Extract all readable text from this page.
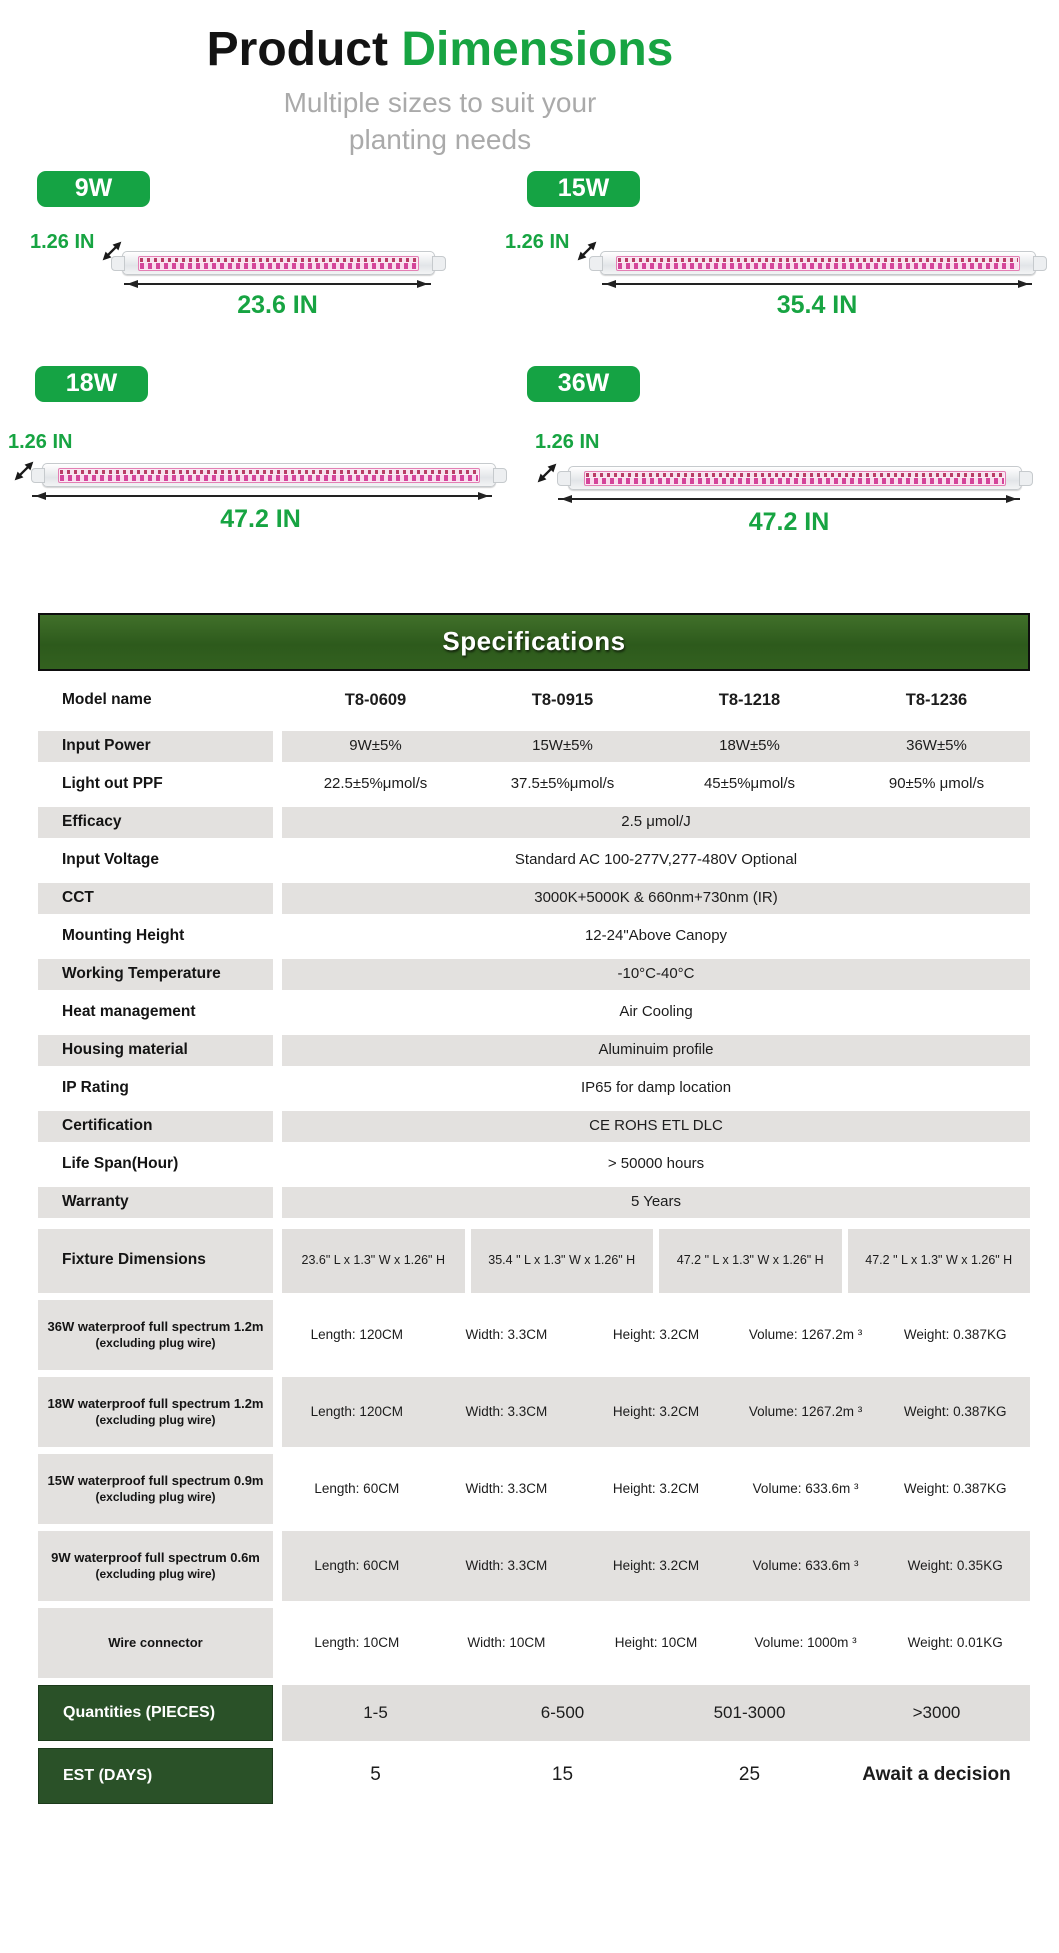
Product Dimensions
Multiple sizes to suit your
planting needs
9W
1.26 IN
23.6 IN
15W
1.26 IN
35.4 IN
18W
1.26 IN
47.2 IN
36W
1.26 IN
47.2 IN
Specifications
Model name	T8-0609	T8-0915	T8-1218	T8-1236
Input Power	9W±5%	15W±5%	18W±5%	36W±5%
Light out PPF	22.5±5%μmol/s	37.5±5%μmol/s	45±5%μmol/s	90±5% μmol/s
Efficacy	2.5 μmol/J
Input Voltage	Standard AC 100-277V,277-480V Optional
CCT	3000K+5000K & 660nm+730nm (IR)
Mounting Height	12-24"Above Canopy
Working Temperature	-10°C-40°C
Heat management	Air Cooling
Housing material	Aluminuim profile
IP Rating	IP65 for damp location
Certification	CE ROHS ETL DLC
Life Span(Hour)	> 50000 hours
Warranty	5 Years
Fixture Dimensions	23.6" L x 1.3" W x 1.26" H	35.4 " L x 1.3" W x 1.26" H	47.2 " L x 1.3" W x 1.26" H	47.2 " L x 1.3" W x 1.26" H
36W waterproof full spectrum 1.2m
(excluding plug wire)
Length: 120CM	Width: 3.3CM	Height: 3.2CM	Volume: 1267.2m ³	Weight: 0.387KG
18W waterproof full spectrum 1.2m
(excluding plug wire)
Length: 120CM	Width: 3.3CM	Height: 3.2CM	Volume: 1267.2m ³	Weight: 0.387KG
15W waterproof full spectrum 0.9m
(excluding plug wire)
Length: 60CM	Width: 3.3CM	Height: 3.2CM	Volume: 633.6m ³	Weight: 0.387KG
9W waterproof full spectrum 0.6m
(excluding plug wire)
Length: 60CM	Width: 3.3CM	Height: 3.2CM	Volume: 633.6m ³	Weight: 0.35KG
Wire connector	Length: 10CM	Width: 10CM	Height: 10CM	Volume: 1000m ³	Weight: 0.01KG
Quantities (PIECES)	1-5	6-500	501-3000	>3000
EST (DAYS)	5	15	25	Await a decision
